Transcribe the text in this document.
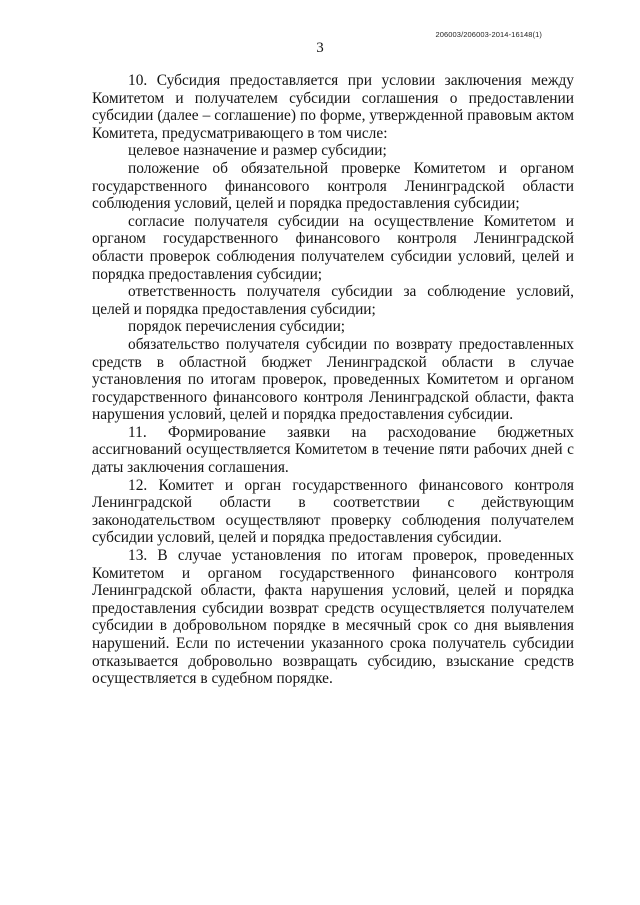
206003/206003-2014-16148(1)
3

10. Субсидия предоставляется при условии заключения между Комитетом и получателем субсидии соглашения о предоставлении субсидии (далее – соглашение) по форме, утвержденной правовым актом Комитета, предусматривающего в том числе:

целевое назначение и размер субсидии;

положение об обязательной проверке Комитетом и органом государственного финансового контроля Ленинградской области соблюдения условий, целей и порядка предоставления субсидии;

согласие получателя субсидии на осуществление Комитетом и органом государственного финансового контроля Ленинградской области проверок соблюдения получателем субсидии условий, целей и порядка предоставления субсидии;

ответственность получателя субсидии за соблюдение условий, целей и порядка предоставления субсидии;

порядок перечисления субсидии;

обязательство получателя субсидии по возврату предоставленных средств в областной бюджет Ленинградской области в случае установления по итогам проверок, проведенных Комитетом и органом государственного финансового контроля Ленинградской области, факта нарушения условий, целей и порядка предоставления субсидии.

11. Формирование заявки на расходование бюджетных ассигнований осуществляется Комитетом в течение пяти рабочих дней с даты заключения соглашения.

12. Комитет и орган государственного финансового контроля Ленинградской области в соответствии с действующим законодательством осуществляют проверку соблюдения получателем субсидии условий, целей и порядка предоставления субсидии.

13. В случае установления по итогам проверок, проведенных Комитетом и органом государственного финансового контроля Ленинградской области, факта нарушения условий, целей и порядка предоставления субсидии возврат средств осуществляется получателем субсидии в добровольном порядке в месячный срок со дня выявления нарушений. Если по истечении указанного срока получатель субсидии отказывается добровольно возвращать субсидию, взыскание средств осуществляется в судебном порядке.
